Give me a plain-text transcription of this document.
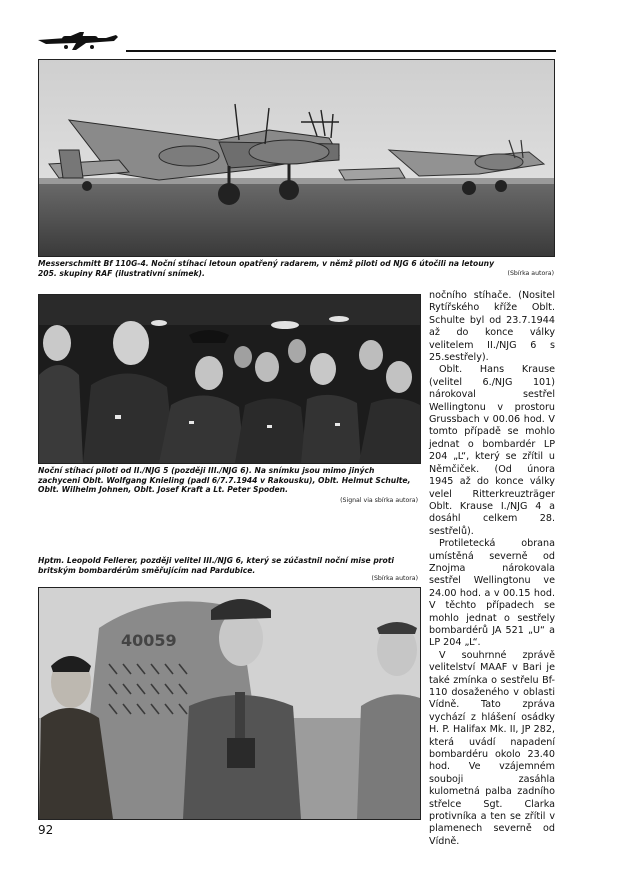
Messerschmitt Bf 110G-4. Noční stíhací letoun opatřený radarem, v němž piloti od NJG 6 útočili na letouny 205. skupiny RAF (ilustrativní snímek).	(Sbírka autora)
Noční stíhací piloti od II./NJG 5 (později III./NJG 6). Na snímku jsou mimo jiných zachyceni Oblt. Wolfgang Knieling (padl 6/7.7.1944 v Rakousku), Oblt. Helmut Schulte, Oblt. Wilhelm Johnen, Oblt. Josef Kraft a Lt. Peter Spoden.
(Signal via sbírka autora)
Hptm. Leopold Fellerer, později velitel III./NJG 6, který se zúčastnil noční mise proti britským bombardérům směřujícím nad Pardubice.
(Sbírka autora)
40059

nočního stíhače. (Nositel Rytířského kříže Oblt. Schulte byl od 23.7.1944 až do konce války velitelem II./NJG 6 s 25.sestřely).

Oblt. Hans Krause (velitel 6./NJG 101) nárokoval sestřel Wellingtonu v prostoru Grussbach v 00.06 hod. V tomto případě se mohlo jednat o bombardér LP 204 „L“, který se zřítil u Němčiček. (Od února 1945 až do konce války velel Ritterkreuzträger Oblt. Krause I./NJG 4 a dosáhl celkem 28. sestřelů).

Protiletecká obrana umístěná severně od Znojma nárokovala sestřel Wellingtonu ve 24.00 hod. a v 00.15 hod. V těchto případech se mohlo jednat o sestřely bombardérů JA 521 „U“ a LP 204 „L“.

V souhrnné zprávě velitelství MAAF v Bari je také zmínka o sestřelu Bf-110 dosaženého v oblasti Vídně. Tato zpráva vychází z hlášení osádky H. P. Halifax Mk. II, JP 282, která uvádí napadení bombardéru okolo 23.40 hod. Ve vzájemném souboji zasáhla kulometná palba zadního střelce Sgt. Clarka protivníka a ten se zřítil v plamenech severně od Vídně.

92
